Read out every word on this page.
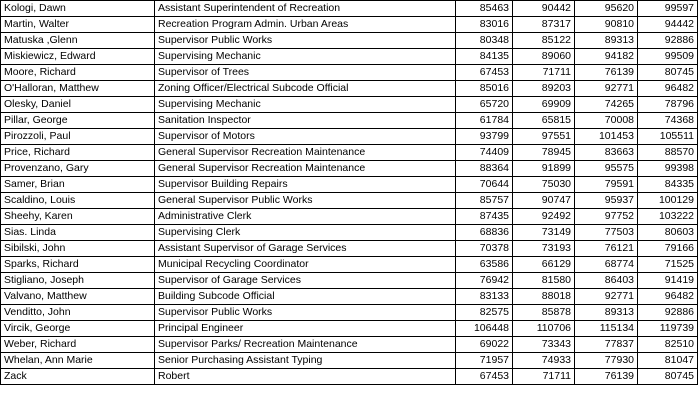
Kologi, Dawn	Assistant Superintendent of Recreation	85463	90442	95620	99597
Martin, Walter	Recreation Program Admin. Urban Areas	83016	87317	90810	94442
Matuska ,Glenn	Supervisor Public Works	80348	85122	89313	92886
Miskiewicz, Edward	Supervising Mechanic	84135	89060	94182	99509
Moore, Richard	Supervisor of Trees	67453	71711	76139	80745
O'Halloran, Matthew	Zoning Officer/Electrical Subcode Official	85016	89203	92771	96482
Olesky, Daniel	Supervising Mechanic	65720	69909	74265	78796
Pillar, George	Sanitation Inspector	61784	65815	70008	74368
Pirozzoli, Paul	Supervisor of Motors	93799	97551	101453	105511
Price, Richard	General Supervisor Recreation Maintenance	74409	78945	83663	88570
Provenzano, Gary	General Supervisor Recreation Maintenance	88364	91899	95575	99398
Samer, Brian	Supervisor Building Repairs	70644	75030	79591	84335
Scaldino, Louis	General Supervisor Public Works	85757	90747	95937	100129
Sheehy, Karen	Administrative Clerk	87435	92492	97752	103222
Sias. Linda	Supervising Clerk	68836	73149	77503	80603
Sibilski, John	Assistant Supervisor of Garage Services	70378	73193	76121	79166
Sparks, Richard	Municipal Recycling Coordinator	63586	66129	68774	71525
Stigliano, Joseph	Supervisor of Garage Services	76942	81580	86403	91419
Valvano, Matthew	Building Subcode Official	83133	88018	92771	96482
Venditto, John	Supervisor Public Works	82575	85878	89313	92886
Vircik, George	Principal Engineer	106448	110706	115134	119739
Weber, Richard	Supervisor Parks/ Recreation Maintenance	69022	73343	77837	82510
Whelan, Ann Marie	Senior Purchasing Assistant Typing	71957	74933	77930	81047
Zack	Robert	67453	71711	76139	80745
